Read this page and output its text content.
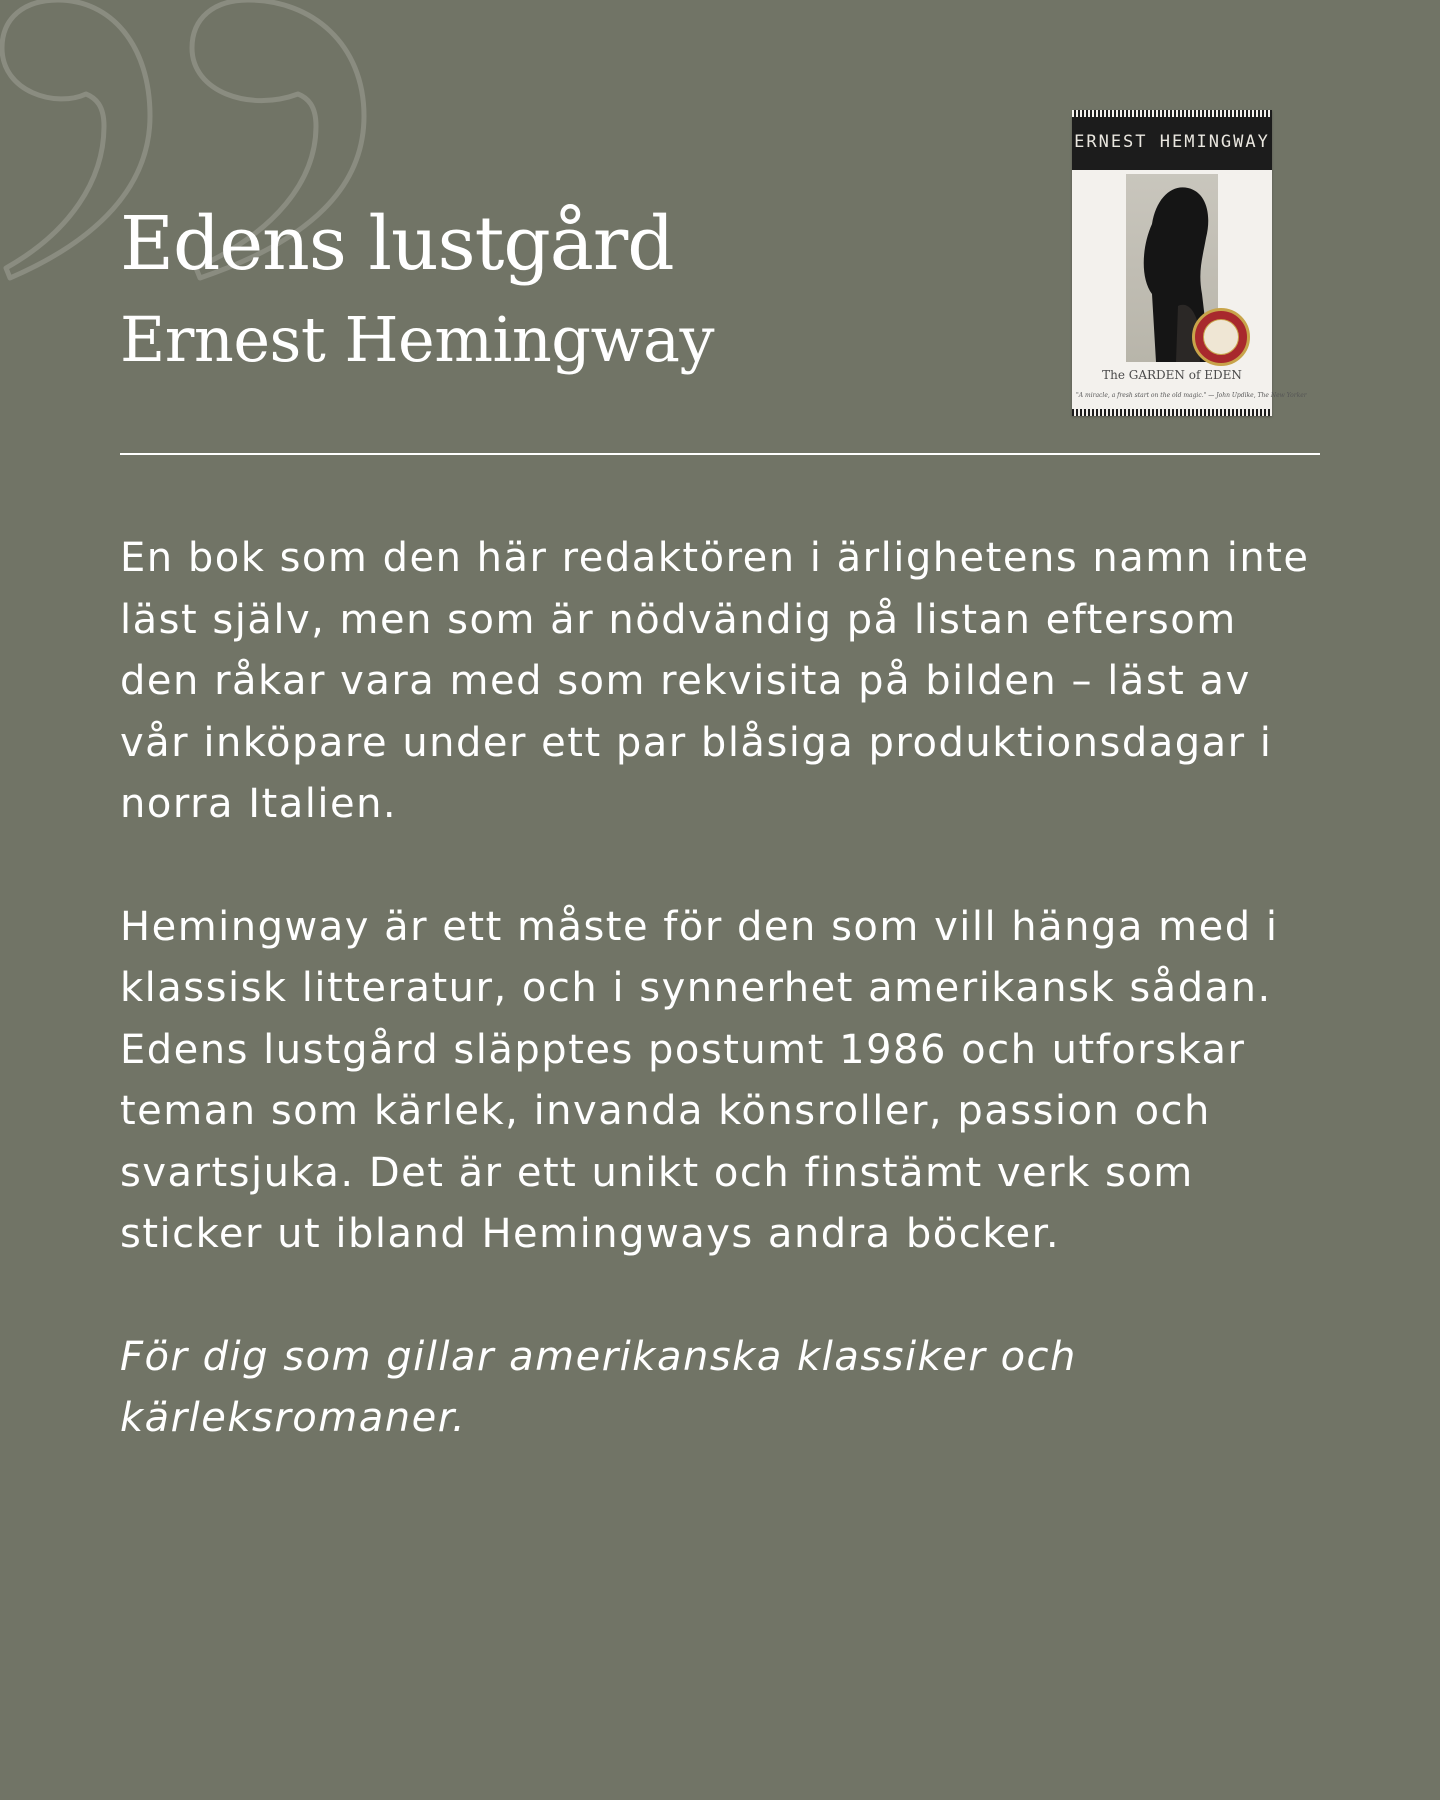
Edens lustgård
Ernest Hemingway
ERNEST HEMINGWAY
The GARDEN of EDEN
"A miracle, a fresh start on the old magic." — John Updike, The New Yorker

En bok som den här redaktören i ärlighetens namn inte läst själv, men som är nödvändig på listan eftersom den råkar vara med som rekvisita på bilden – läst av vår inköpare under ett par blåsiga produktionsdagar i norra Italien.

Hemingway är ett måste för den som vill hänga med i klassisk litteratur, och i synnerhet amerikansk sådan. Edens lustgård släpptes postumt 1986 och utforskar teman som kärlek, invanda könsroller, passion och svartsjuka. Det är ett unikt och finstämt verk som sticker ut ibland Hemingways andra böcker.

För dig som gillar amerikanska klassiker och kärleksromaner.
